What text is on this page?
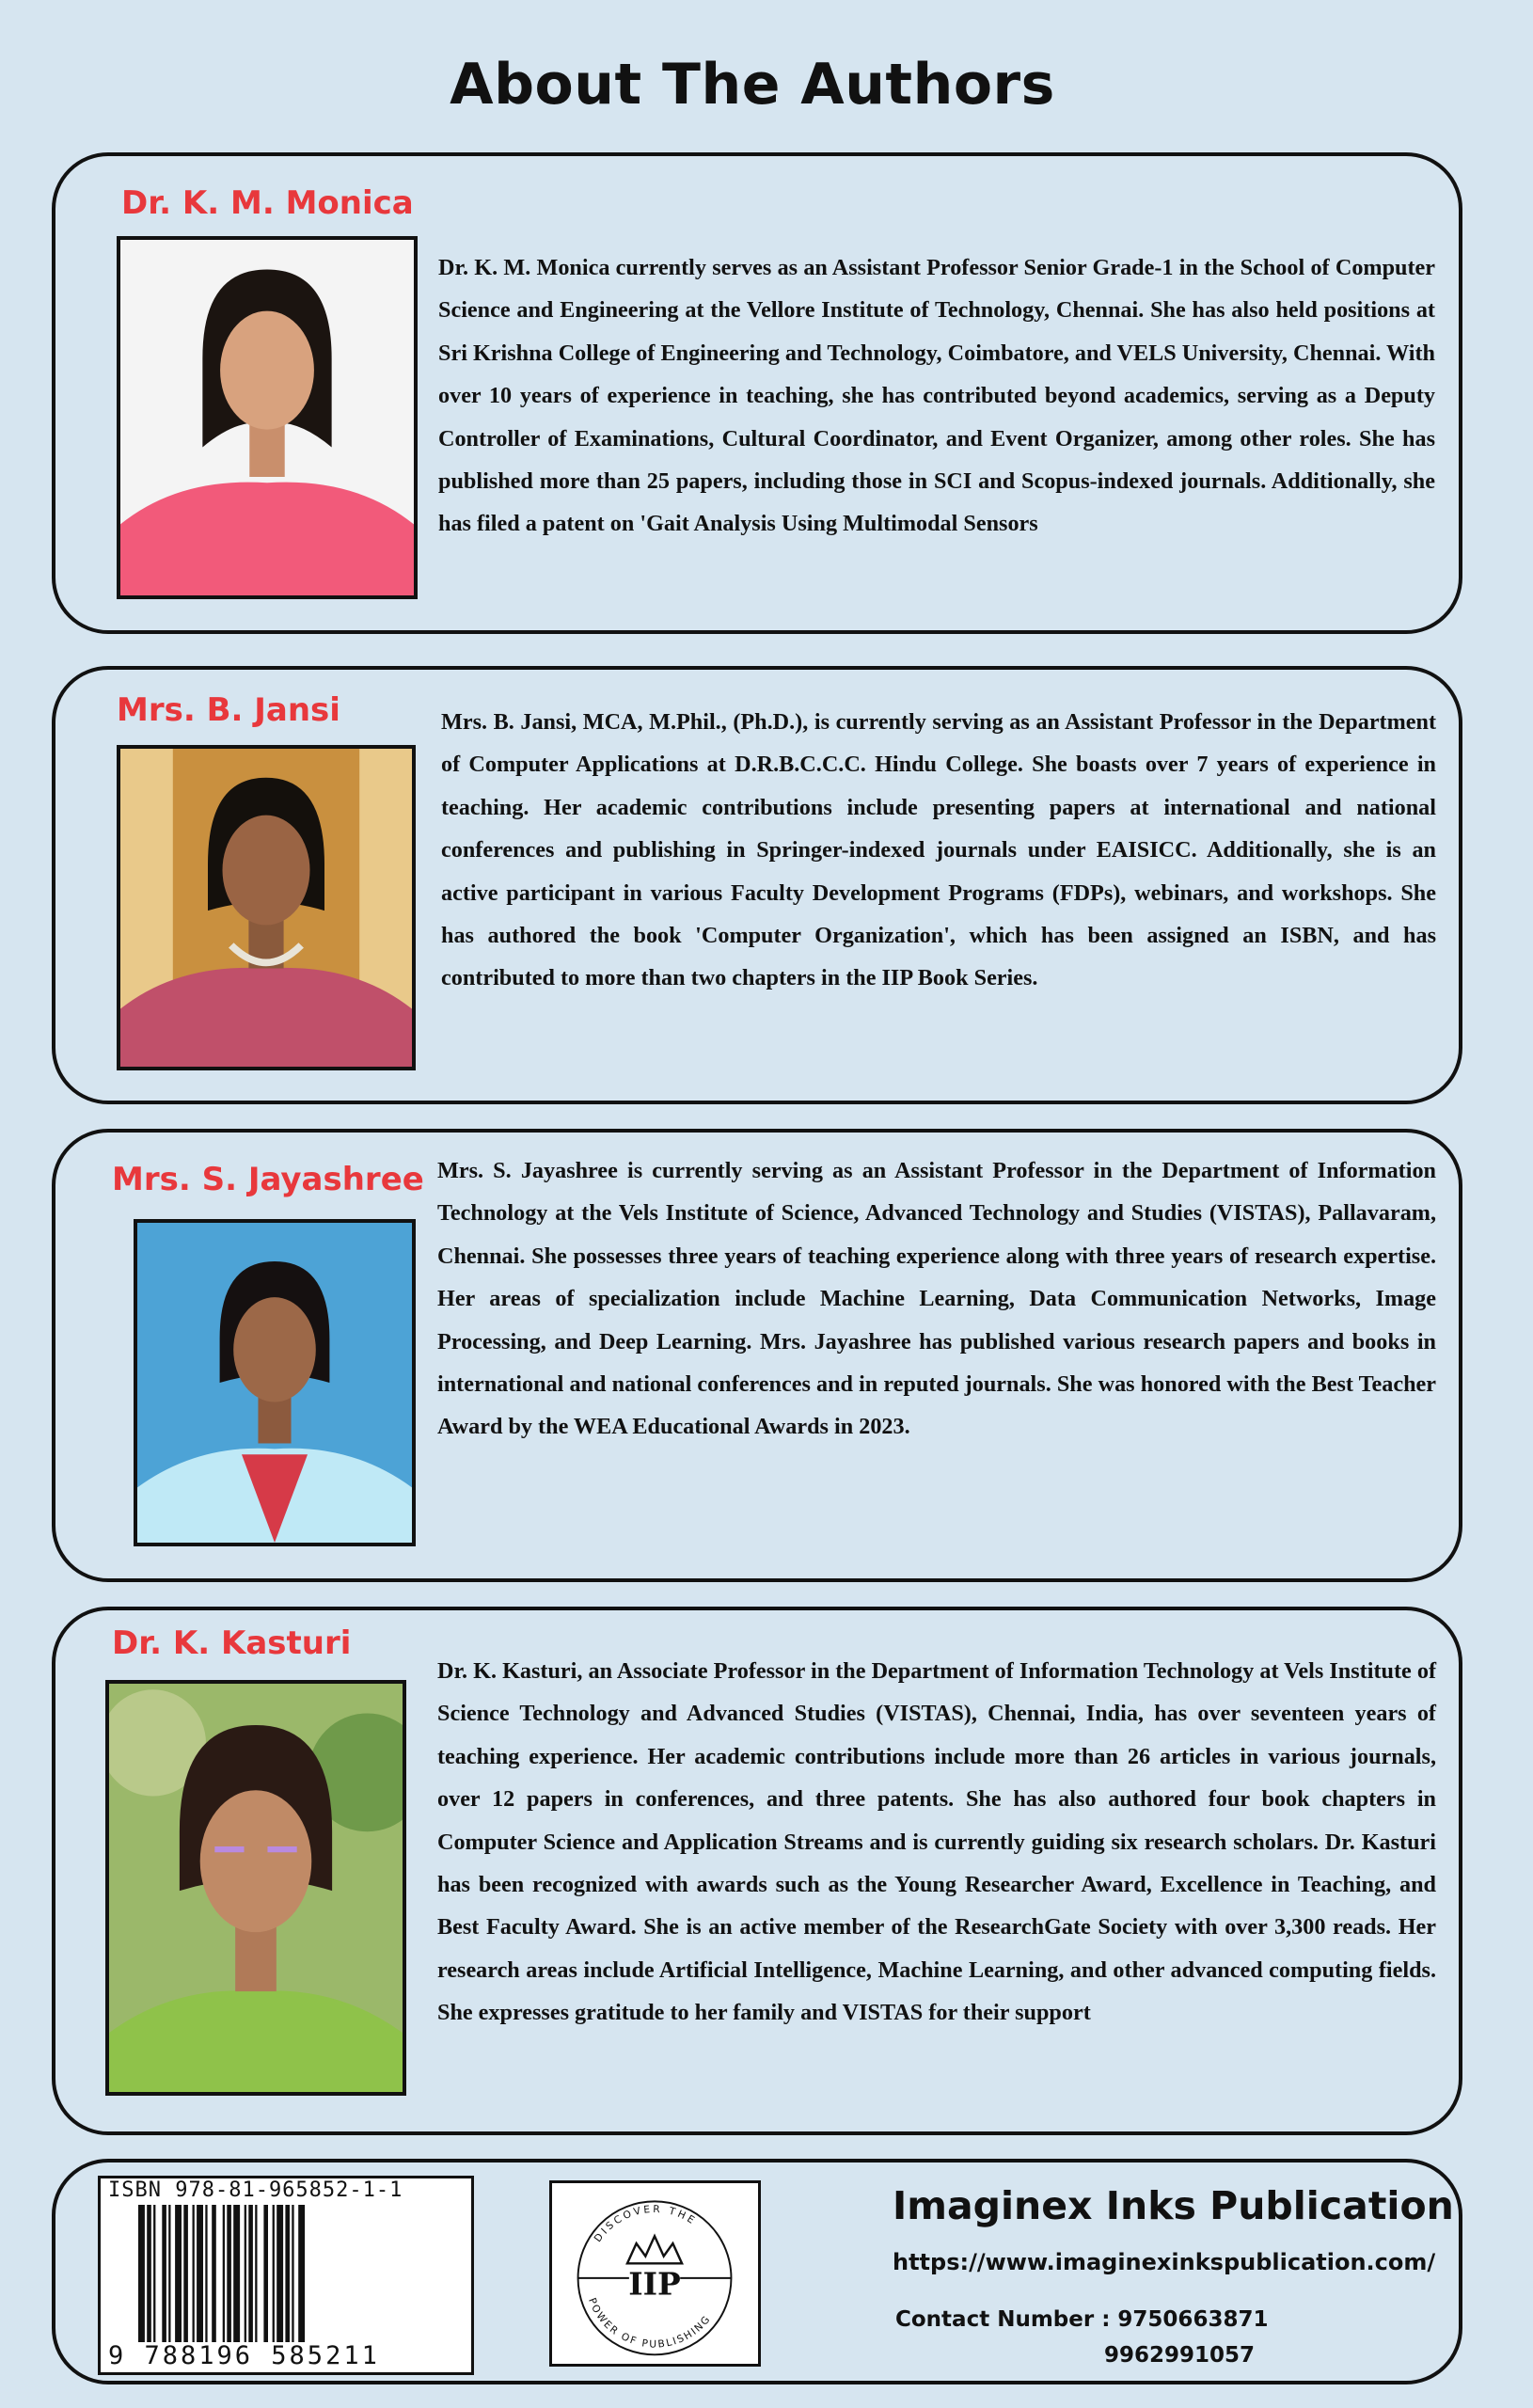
About The Authors
Dr. K. M. Monica

Dr. K. M. Monica currently serves as an Assistant Professor Senior Grade-1 in the School of Computer Science and Engineering at the Vellore Institute of Technology, Chennai. She has also held positions at Sri Krishna College of Engineering and Technology, Coimbatore, and VELS University, Chennai. With over 10 years of experience in teaching, she has contributed beyond academics, serving as a Deputy Controller of Examinations, Cultural Coordinator, and Event Organizer, among other roles. She has published more than 25 papers, including those in SCI and Scopus-indexed journals. Additionally, she has filed a patent on 'Gait Analysis Using Multimodal Sensors

Mrs. B. Jansi	Mrs. B. Jansi, MCA, M.Phil., (Ph.D.), is currently serving as an Assistant Professor in the Department of Computer Applications at D.R.B.C.C.C. Hindu College. She boasts over 7 years of experience in teaching. Her academic contributions include presenting papers at international and national conferences and publishing in Springer-indexed journals under EAISICC. Additionally, she is an active participant in various Faculty Development Programs (FDPs), webinars, and workshops. She has authored the book 'Computer Organization', which has been assigned an ISBN, and has contributed to more than two chapters in the IIP Book Series.

Mrs. S. Jayashree Mrs. S. Jayashree is currently serving as an Assistant Professor in the Department of Information Technology at the Vels Institute of Science, Advanced Technology and Studies (VISTAS), Pallavaram, Chennai. She possesses three years of teaching experience along with three years of research expertise. Her areas of specialization include Machine Learning, Data Communication Networks, Image Processing, and Deep Learning. Mrs. Jayashree has published various research papers and books in international and national conferences and in reputed journals. She was honored with the Best Teacher Award by the WEA Educational Awards in 2023.

Dr. K. Kasturi

Dr. K. Kasturi, an Associate Professor in the Department of Information Technology at Vels Institute of Science Technology and Advanced Studies (VISTAS), Chennai, India, has over seventeen years of teaching experience. Her academic contributions include more than 26 articles in various journals, over 12 papers in conferences, and three patents. She has also authored four book chapters in Computer Science and Application Streams and is currently guiding six research scholars. Dr. Kasturi has been recognized with awards such as the Young Researcher Award, Excellence in Teaching, and Best Faculty Award. She is an active member of the ResearchGate Society with over 3,300 reads. Her research areas include Artificial Intelligence, Machine Learning, and other advanced computing fields. She expresses gratitude to her family and VISTAS for their support

ISBN 978-81-965852-1-1
9 788196 585211
DISCOVER THE
POWER OF PUBLISHING
IIP
Imaginex Inks Publication
https://www.imaginexinkspublication.com/
Contact Number : 9750663871
9962991057
